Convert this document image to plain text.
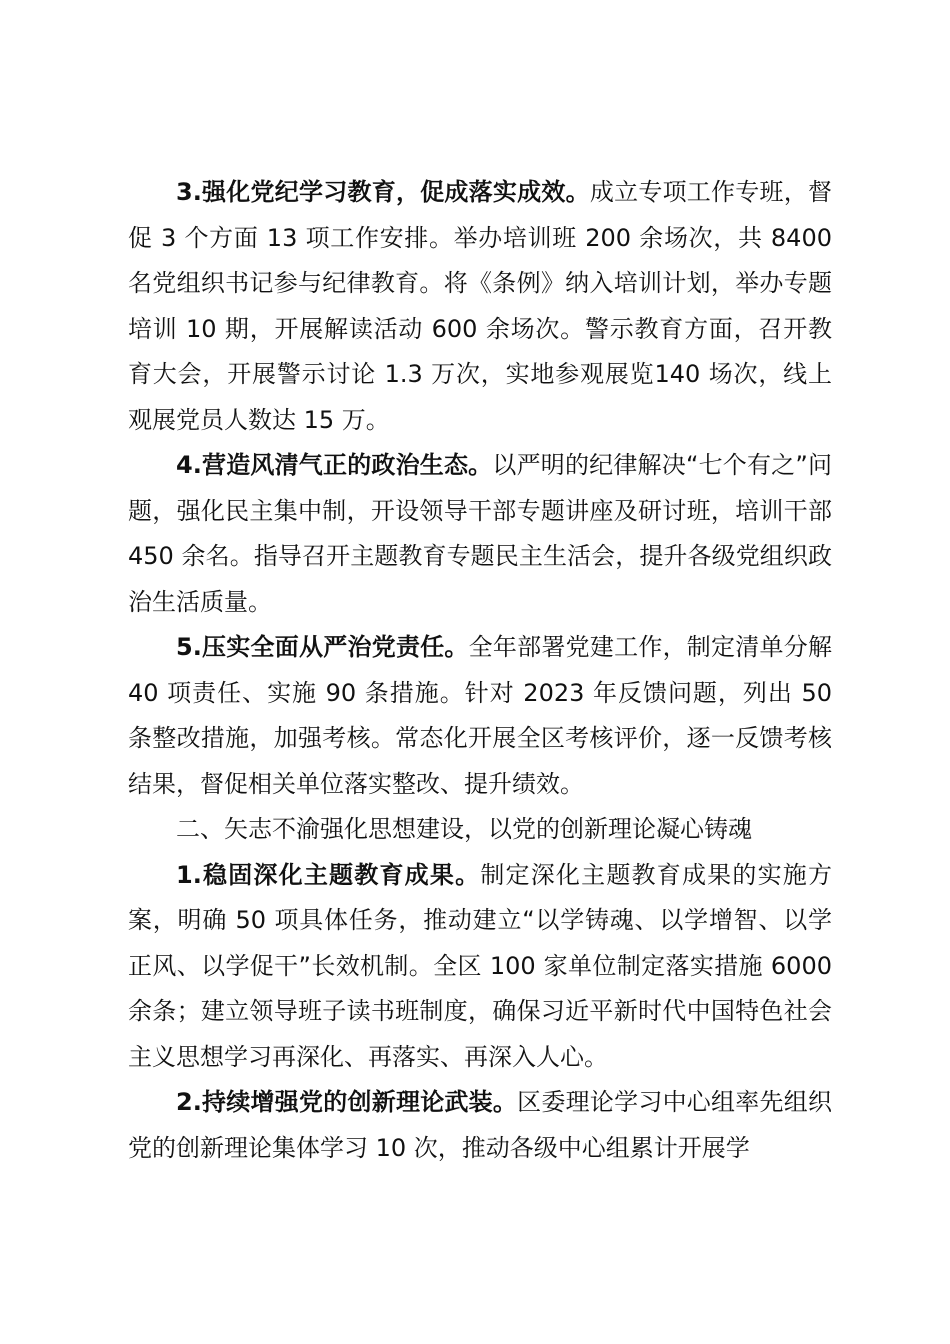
3.强化党纪学习教育，促成落实成效。成立专项工作专班，督促 3 个方面 13 项工作安排。举办培训班 200 余场次，共 8400 名党组织书记参与纪律教育。将《条例》纳入培训计划，举办专题培训 10 期，开展解读活动 600 余场次。警示教育方面，召开教育大会，开展警示讨论 1.3 万次，实地参观展览140 场次，线上观展党员人数达 15 万。

4.营造风清气正的政治生态。以严明的纪律解决“七个有之”问题，强化民主集中制，开设领导干部专题讲座及研讨班，培训干部450 余名。指导召开主题教育专题民主生活会，提升各级党组织政治生活质量。

5.压实全面从严治党责任。全年部署党建工作，制定清单分解 40 项责任、实施 90 条措施。针对 2023 年反馈问题，列出 50 条整改措施，加强考核。常态化开展全区考核评价，逐一反馈考核结果，督促相关单位落实整改、提升绩效。

二、矢志不渝强化思想建设，以党的创新理论凝心铸魂

1.稳固深化主题教育成果。制定深化主题教育成果的实施方案，明确 50 项具体任务，推动建立“以学铸魂、以学增智、以学正风、以学促干”长效机制。全区 100 家单位制定落实措施 6000 余条；建立领导班子读书班制度，确保习近平新时代中国特色社会主义思想学习再深化、再落实、再深入人心。

2.持续增强党的创新理论武装。区委理论学习中心组率先组织党的创新理论集体学习 10 次，推动各级中心组累计开展学
